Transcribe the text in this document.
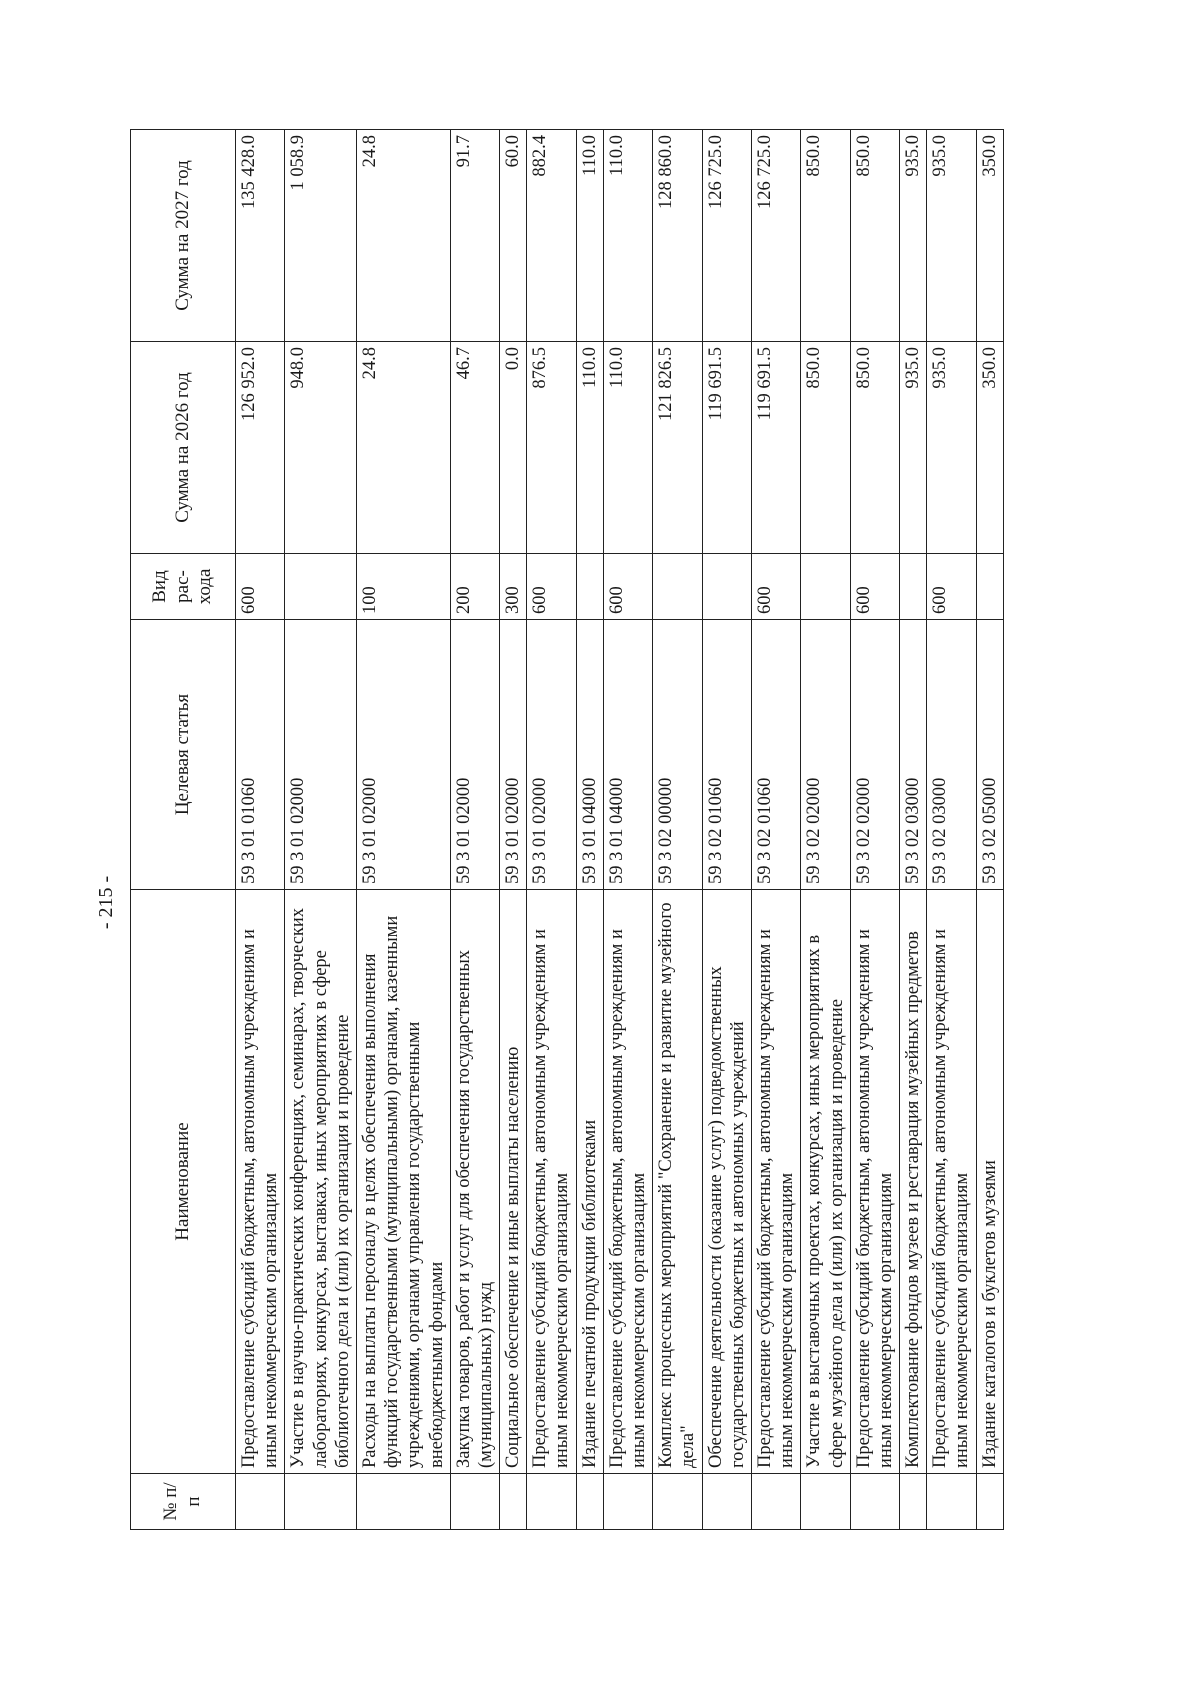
- 215 -
№ п/п	Наименование	Целевая статья	Вид рас- хода	Сумма на 2026 год	Сумма на 2027 год
	Предоставление субсидий бюджетным, автономным учреждениям и иным некоммерческим организациям	59 3 01 01060	600	126 952.0	135 428.0
	Участие в научно-практических конференциях, семинарах, творческих лабораториях, конкурсах, выставках, иных мероприятиях в сфере библиотечного дела и (или) их организация и проведение	59 3 01 02000		948.0	1 058.9
	Расходы на выплаты персоналу в целях обеспечения выполнения функций государственными (муниципальными) органами, казенными учреждениями, органами управления государственными внебюджетными фондами	59 3 01 02000	100	24.8	24.8
	Закупка товаров, работ и услуг для обеспечения государственных (муниципальных) нужд	59 3 01 02000	200	46.7	91.7
	Социальное обеспечение и иные выплаты населению	59 3 01 02000	300	0.0	60.0
	Предоставление субсидий бюджетным, автономным учреждениям и иным некоммерческим организациям	59 3 01 02000	600	876.5	882.4
	Издание печатной продукции библиотеками	59 3 01 04000		110.0	110.0
	Предоставление субсидий бюджетным, автономным учреждениям и иным некоммерческим организациям	59 3 01 04000	600	110.0	110.0
	Комплекс процессных мероприятий "Сохранение и развитие музейного дела"	59 3 02 00000		121 826.5	128 860.0
	Обеспечение деятельности (оказание услуг) подведомственных государственных бюджетных и автономных учреждений	59 3 02 01060		119 691.5	126 725.0
	Предоставление субсидий бюджетным, автономным учреждениям и иным некоммерческим организациям	59 3 02 01060	600	119 691.5	126 725.0
	Участие в выставочных проектах, конкурсах, иных мероприятиях в сфере музейного дела и (или) их организация и проведение	59 3 02 02000		850.0	850.0
	Предоставление субсидий бюджетным, автономным учреждениям и иным некоммерческим организациям	59 3 02 02000	600	850.0	850.0
	Комплектование фондов музеев и реставрация музейных предметов	59 3 02 03000		935.0	935.0
	Предоставление субсидий бюджетным, автономным учреждениям и иным некоммерческим организациям	59 3 02 03000	600	935.0	935.0
	Издание каталогов и буклетов музеями	59 3 02 05000		350.0	350.0
